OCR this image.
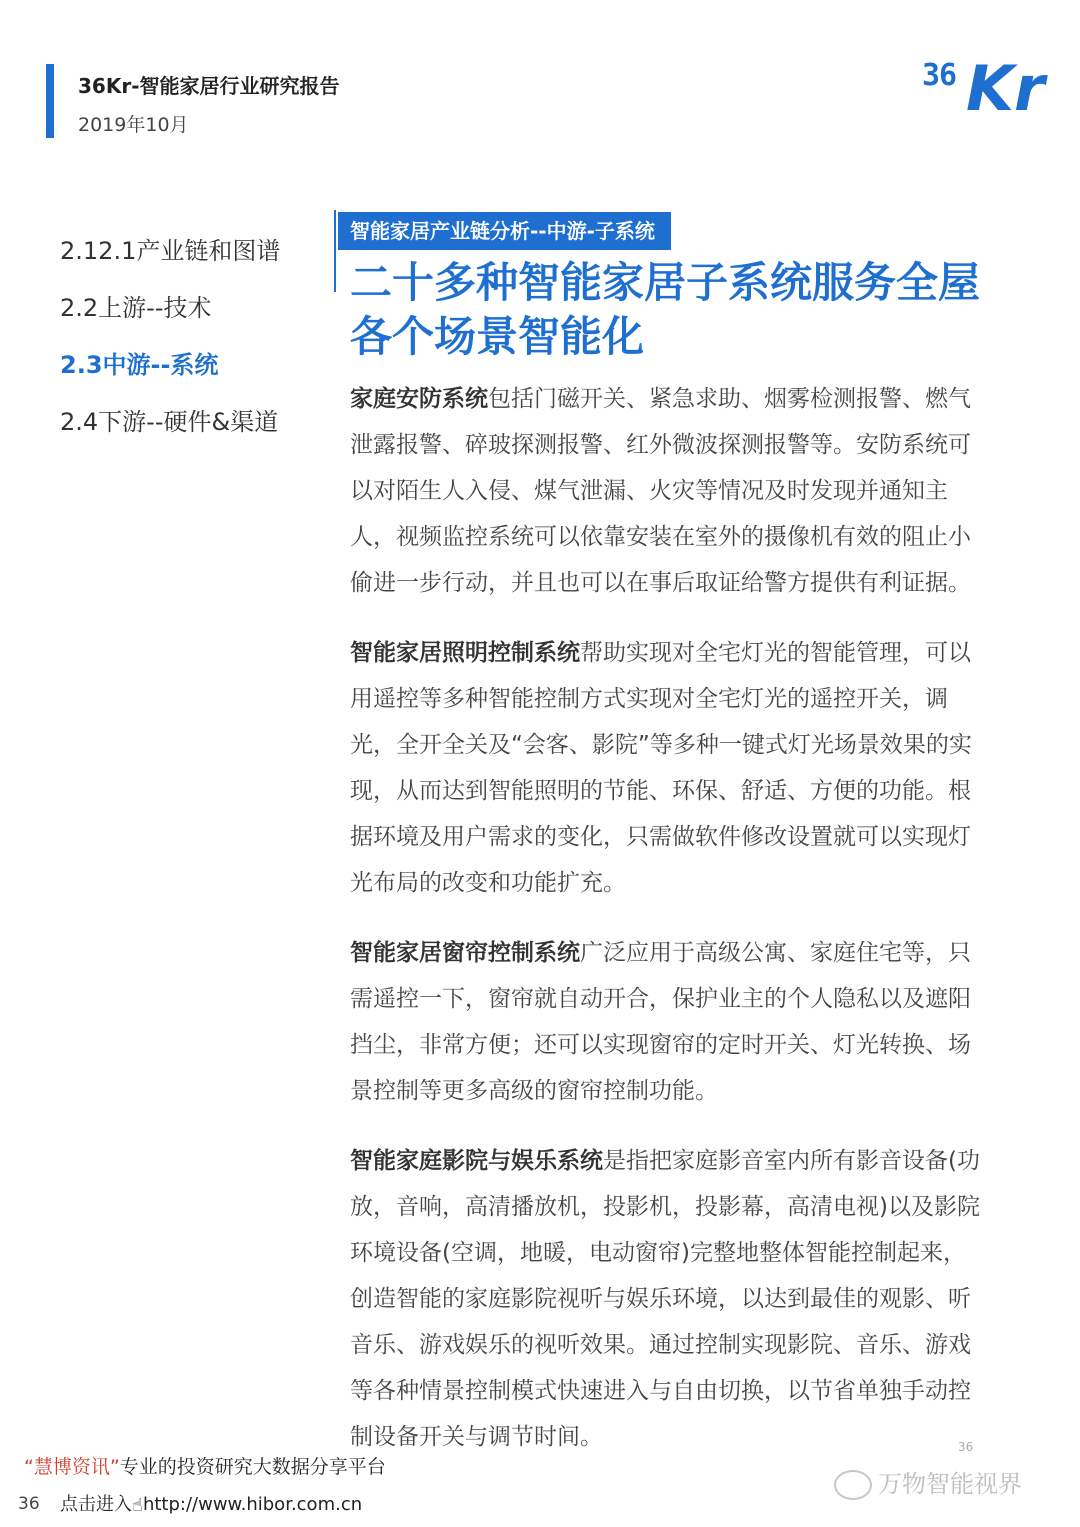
36Kr-智能家居行业研究报告
2019年10月
36 Kr
2.12.1产业链和图谱
2.2上游--技术
2.3中游--系统
2.4下游--硬件&渠道
智能家居产业链分析--中游-子系统
二十多种智能家居子系统服务全屋各个场景智能化

家庭安防系统包括门磁开关、紧急求助、烟雾检测报警、燃气泄露报警、碎玻探测报警、红外微波探测报警等。安防系统可以对陌生人入侵、煤气泄漏、火灾等情况及时发现并通知主人，视频监控系统可以依靠安装在室外的摄像机有效的阻止小偷进一步行动，并且也可以在事后取证给警方提供有利证据。

智能家居照明控制系统帮助实现对全宅灯光的智能管理，可以用遥控等多种智能控制方式实现对全宅灯光的遥控开关，调光，全开全关及“会客、影院”等多种一键式灯光场景效果的实现，从而达到智能照明的节能、环保、舒适、方便的功能。根据环境及用户需求的变化，只需做软件修改设置就可以实现灯光布局的改变和功能扩充。

智能家居窗帘控制系统广泛应用于高级公寓、家庭住宅等，只需遥控一下，窗帘就自动开合，保护业主的个人隐私以及遮阳挡尘，非常方便；还可以实现窗帘的定时开关、灯光转换、场景控制等更多高级的窗帘控制功能。

智能家庭影院与娱乐系统是指把家庭影音室内所有影音设备(功放，音响，高清播放机，投影机，投影幕，高清电视)以及影院环境设备(空调，地暖，电动窗帘)完整地整体智能控制起来，创造智能的家庭影院视听与娱乐环境，以达到最佳的观影、听音乐、游戏娱乐的视听效果。通过控制实现影院、音乐、游戏等各种情景控制模式快速进入与自由切换，以节省单独手动控制设备开关与调节时间。	36
“慧博资讯”专业的投资研究大数据分享平台
36 点击进入☝http://www.hibor.com.cn
万物智能视界
